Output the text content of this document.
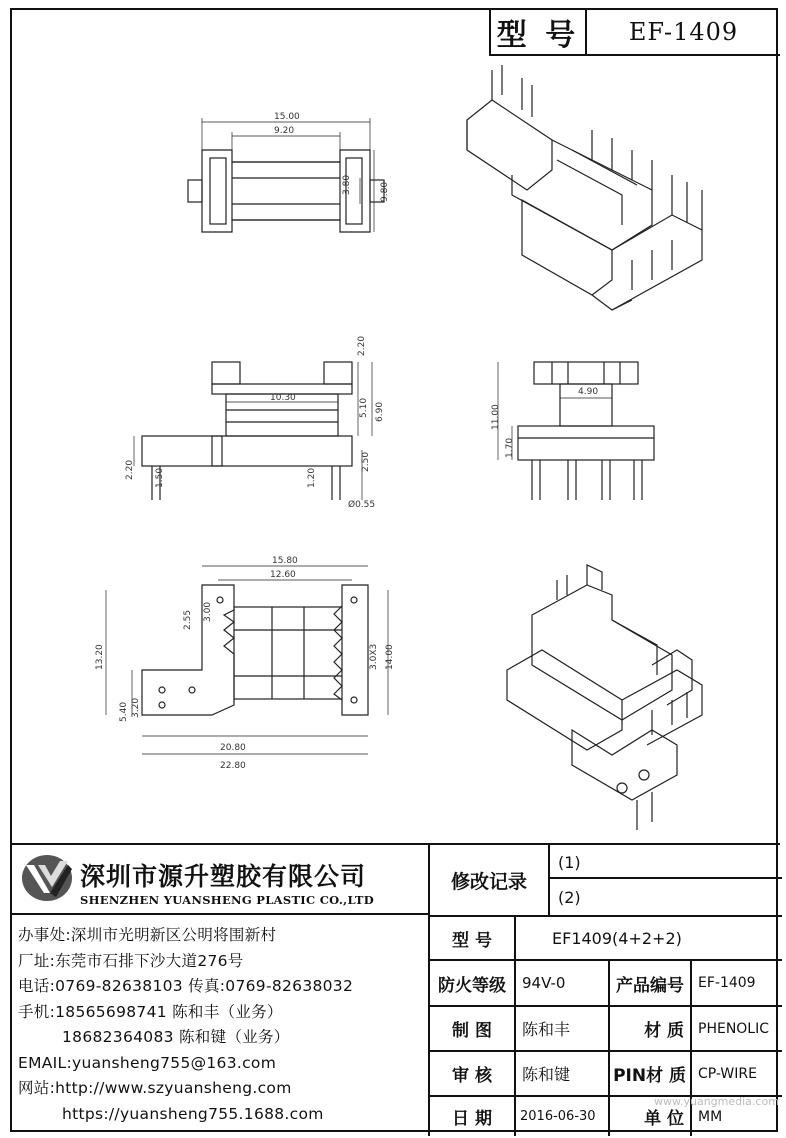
型 号	EF-1409
15.00
9.20
3.80	9.80
10.30
2.20
5.10 6.90
2.20 1.50
2.50
1.20
Ø0.55
4.90
11.00
1.70
15.80
12.60
2.55 3.00
3.0X3 14.00
13.20
5.40 3.20
20.80
22.80
深圳市源升塑胶有限公司
SHENZHEN YUANSHENG PLASTIC CO.,LTD
办事处:深圳市光明新区公明将围新村
厂址:东莞市石排下沙大道276号
电话:0769-82638103 传真:0769-82638032
手机:18565698741 陈和丰（业务）
18682364083 陈和键（业务）
EMAIL:yuansheng755@163.com
网站:http://www.szyuansheng.com
https://yuansheng755.1688.com
修改记录
(1)
(2)
型 号	EF1409(4+2+2)
防火等级	94V-0	产品编号	EF-1409
制 图	陈和丰	材 质	PHENOLIC
审 核	陈和键	PIN材 质 CP-WIRE
日 期	2016-06-30	单 位	MM
www.yuangmedia.com
